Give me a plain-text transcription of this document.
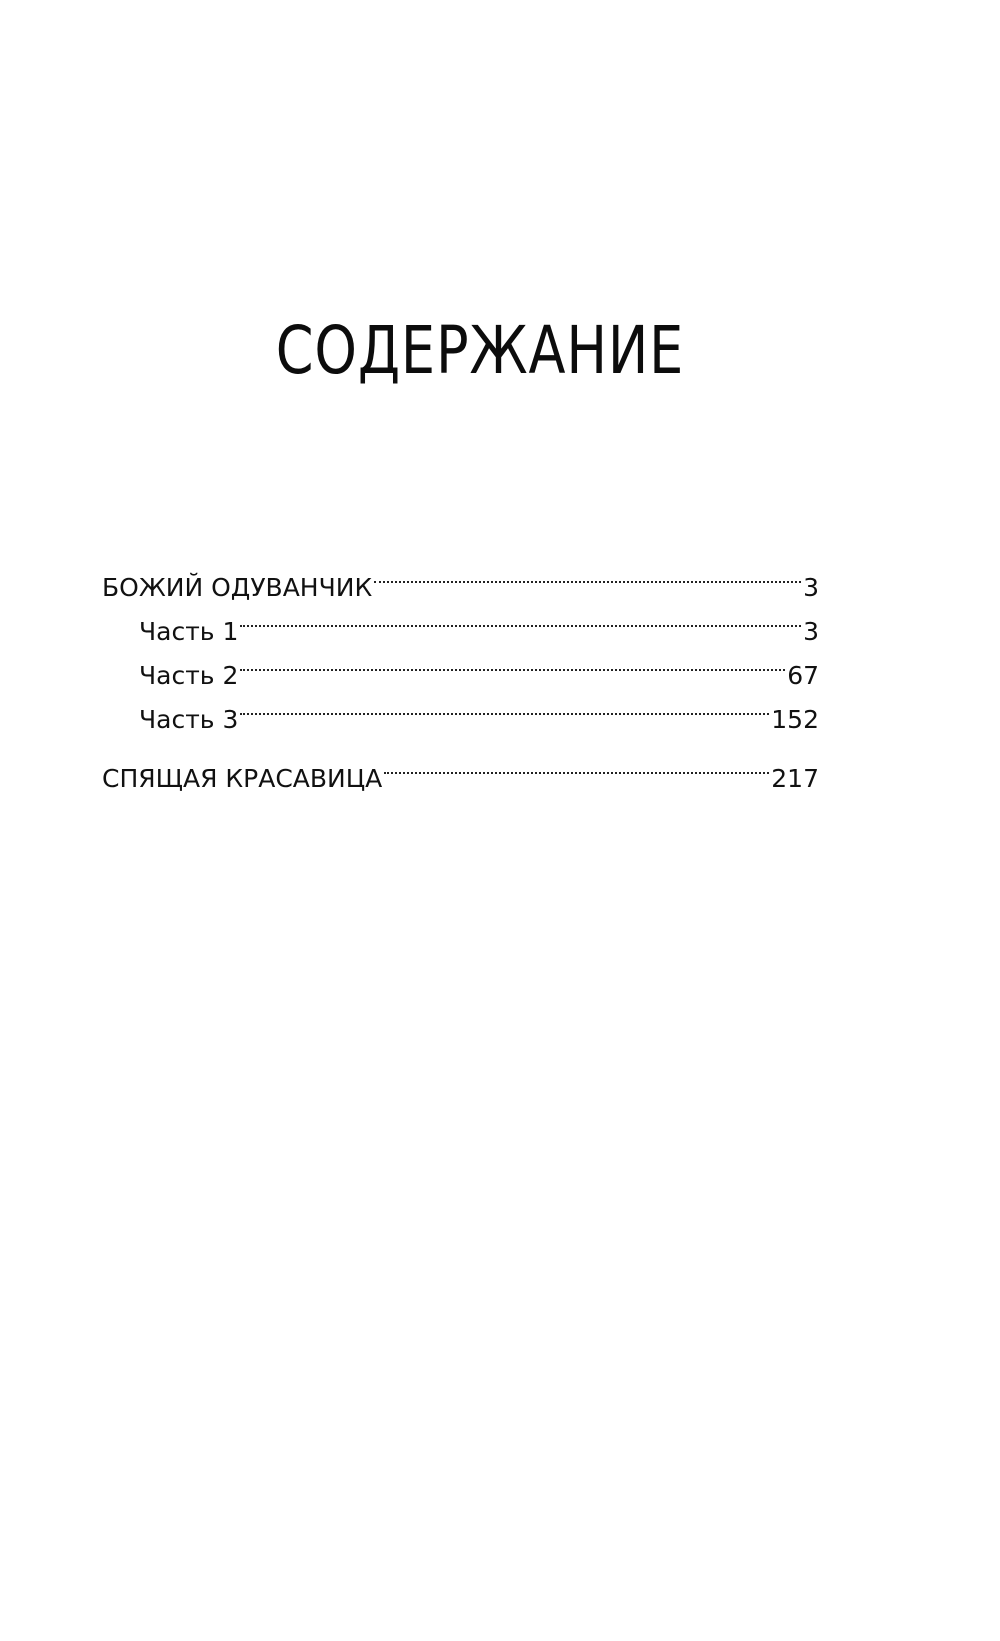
СОДЕРЖАНИЕ
БОЖИЙ ОДУВАНЧИК	3
Часть 1	3
Часть 2	67
Часть 3	152
СПЯЩАЯ КРАСАВИЦА	217
